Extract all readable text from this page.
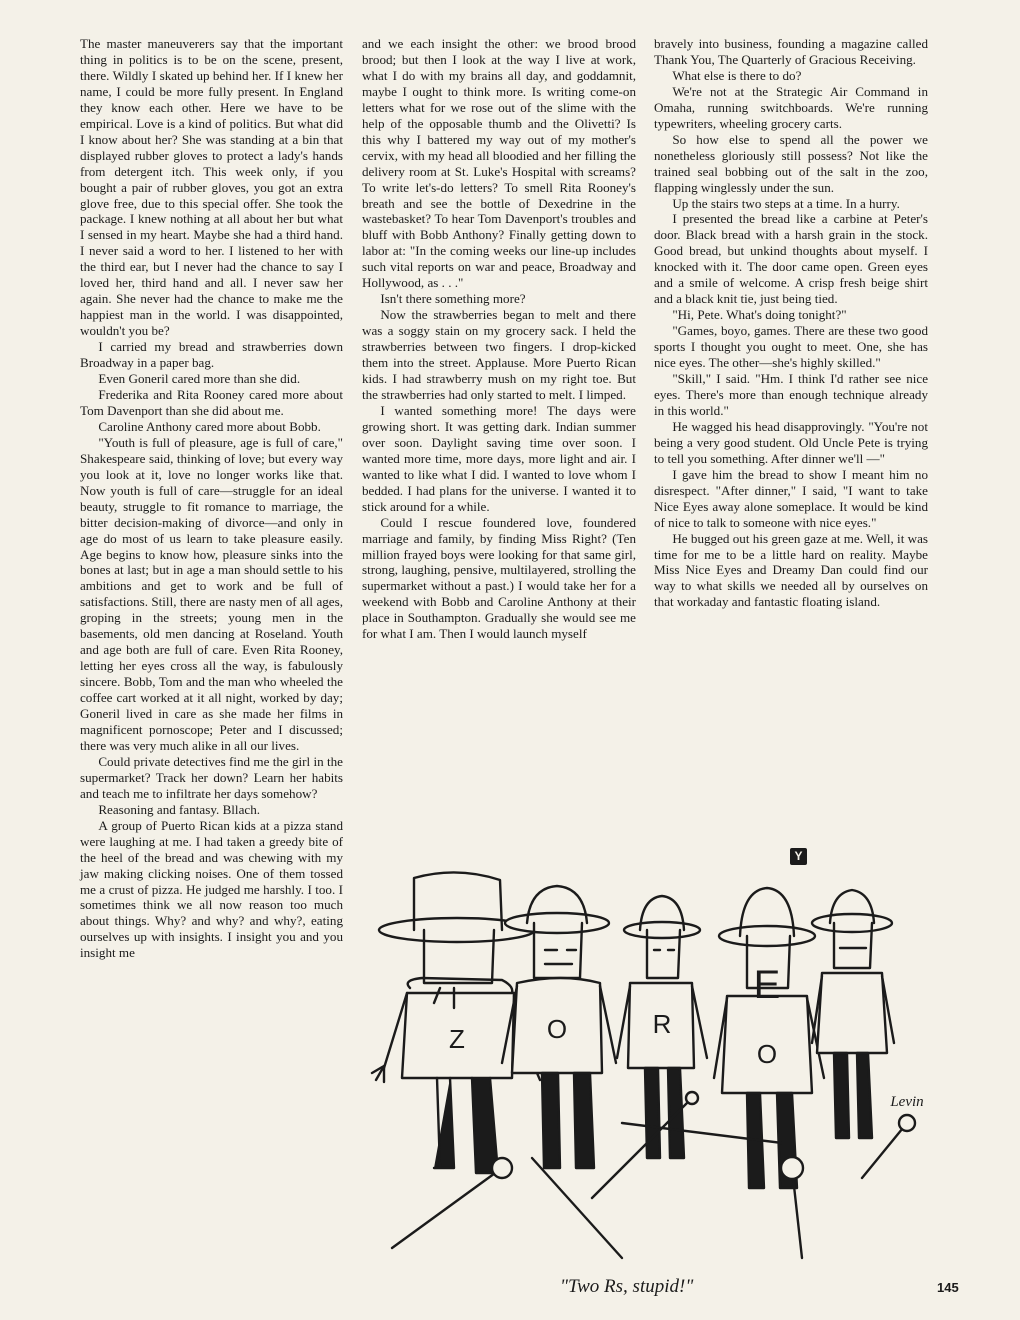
The master maneuverers say that the important thing in politics is to be on the scene, present, there. Wildly I skated up behind her. If I knew her name, I could be more fully present. In England they know each other. Here we have to be empirical. Love is a kind of politics. But what did I know about her? She was standing at a bin that displayed rubber gloves to protect a lady's hands from detergent itch. This week only, if you bought a pair of rubber gloves, you got an extra glove free, due to this special offer. She took the package. I knew nothing at all about her but what I sensed in my heart. Maybe she had a third hand. I never said a word to her. I listened to her with the third ear, but I never had the chance to say I loved her, third hand and all. I never saw her again. She never had the chance to make me the happiest man in the world. I was disappointed, wouldn't you be?

I carried my bread and strawberries down Broadway in a paper bag.

Even Goneril cared more than she did.

Frederika and Rita Rooney cared more about Tom Davenport than she did about me.

Caroline Anthony cared more about Bobb.

"Youth is full of pleasure, age is full of care," Shakespeare said, thinking of love; but every way you look at it, love no longer works like that. Now youth is full of care—struggle for an ideal beauty, struggle to fit romance to marriage, the bitter decision-making of divorce—and only in age do most of us learn to take pleasure easily. Age begins to know how, pleasure sinks into the bones at last; but in age a man should settle to his ambitions and get to work and be full of satisfactions. Still, there are nasty men of all ages, groping in the streets; young men in the basements, old men dancing at Roseland. Youth and age both are full of care. Even Rita Rooney, letting her eyes cross all the way, is fabulously sincere. Bobb, Tom and the man who wheeled the coffee cart worked at it all night, worked by day; Goneril lived in care as she made her films in magnificent pornoscope; Peter and I discussed; there was very much alike in all our lives.

Could private detectives find me the girl in the supermarket? Track her down? Learn her habits and teach me to infiltrate her days somehow?

Reasoning and fantasy. Bllach.

A group of Puerto Rican kids at a pizza stand were laughing at me. I had taken a greedy bite of the heel of the bread and was chewing with my jaw making clicking noises. One of them tossed me a crust of pizza. He judged me harshly. I too. I sometimes think we all now reason too much about things. Why? and why? and why?, eating ourselves up with insights. I insight you and you insight me

and we each insight the other: we brood brood brood; but then I look at the way I live at work, what I do with my brains all day, and goddamnit, maybe I ought to think more. Is writing come-on letters what for we rose out of the slime with the help of the opposable thumb and the Olivetti? Is this why I battered my way out of my mother's cervix, with my head all bloodied and her filling the delivery room at St. Luke's Hospital with screams? To write let's-do letters? To smell Rita Rooney's breath and see the bottle of Dexedrine in the wastebasket? To hear Tom Davenport's troubles and bluff with Bobb Anthony? Finally getting down to labor at: "In the coming weeks our line-up includes such vital reports on war and peace, Broadway and Hollywood, as . . ."

Isn't there something more?

Now the strawberries began to melt and there was a soggy stain on my grocery sack. I held the strawberries between two fingers. I drop-kicked them into the street. Applause. More Puerto Rican kids. I had strawberry mush on my right toe. But the strawberries had only started to melt. I limped.

I wanted something more! The days were growing short. It was getting dark. Indian summer over soon. Daylight saving time over soon. I wanted more time, more days, more light and air. I wanted to like what I did. I wanted to love whom I bedded. I had plans for the universe. I wanted it to stick around for a while.

Could I rescue foundered love, foundered marriage and family, by finding Miss Right? (Ten million frayed boys were looking for that same girl, strong, laughing, pensive, multilayered, strolling the supermarket without a past.) I would take her for a weekend with Bobb and Caroline Anthony at their place in Southampton. Gradually she would see me for what I am. Then I would launch myself

bravely into business, founding a magazine called Thank You, The Quarterly of Gracious Receiving.

What else is there to do?

We're not at the Strategic Air Command in Omaha, running switchboards. We're running typewriters, wheeling grocery carts.

So how else to spend all the power we nonetheless gloriously still possess? Not like the trained seal bobbing out of the salt in the zoo, flapping winglessly under the sun.

Up the stairs two steps at a time. In a hurry.

I presented the bread like a carbine at Peter's door. Black bread with a harsh grain in the stock. Good bread, but unkind thoughts about myself. I knocked with it. The door came open. Green eyes and a smile of welcome. A crisp fresh beige shirt and a black knit tie, just being tied.

"Hi, Pete. What's doing tonight?"

"Games, boyo, games. There are these two good sports I thought you ought to meet. One, she has nice eyes. The other—she's highly skilled."

"Skill," I said. "Hm. I think I'd rather see nice eyes. There's more than enough technique already in this world."

He wagged his head disapprovingly. "You're not being a very good student. Old Uncle Pete is trying to tell you something. After dinner we'll —"

I gave him the bread to show I meant him no disrespect. "After dinner," I said, "I want to take Nice Eyes away alone someplace. It would be kind of nice to talk to someone with nice eyes."

He bugged out his green gaze at me. Well, it was time for me to be a little hard on reality. Maybe Miss Nice Eyes and Dreamy Dan could find our way to what skills we needed all by ourselves on that workaday and fantastic floating island.

Y
Z	O	R
E
O
Levin
"Two Rs, stupid!"	145
